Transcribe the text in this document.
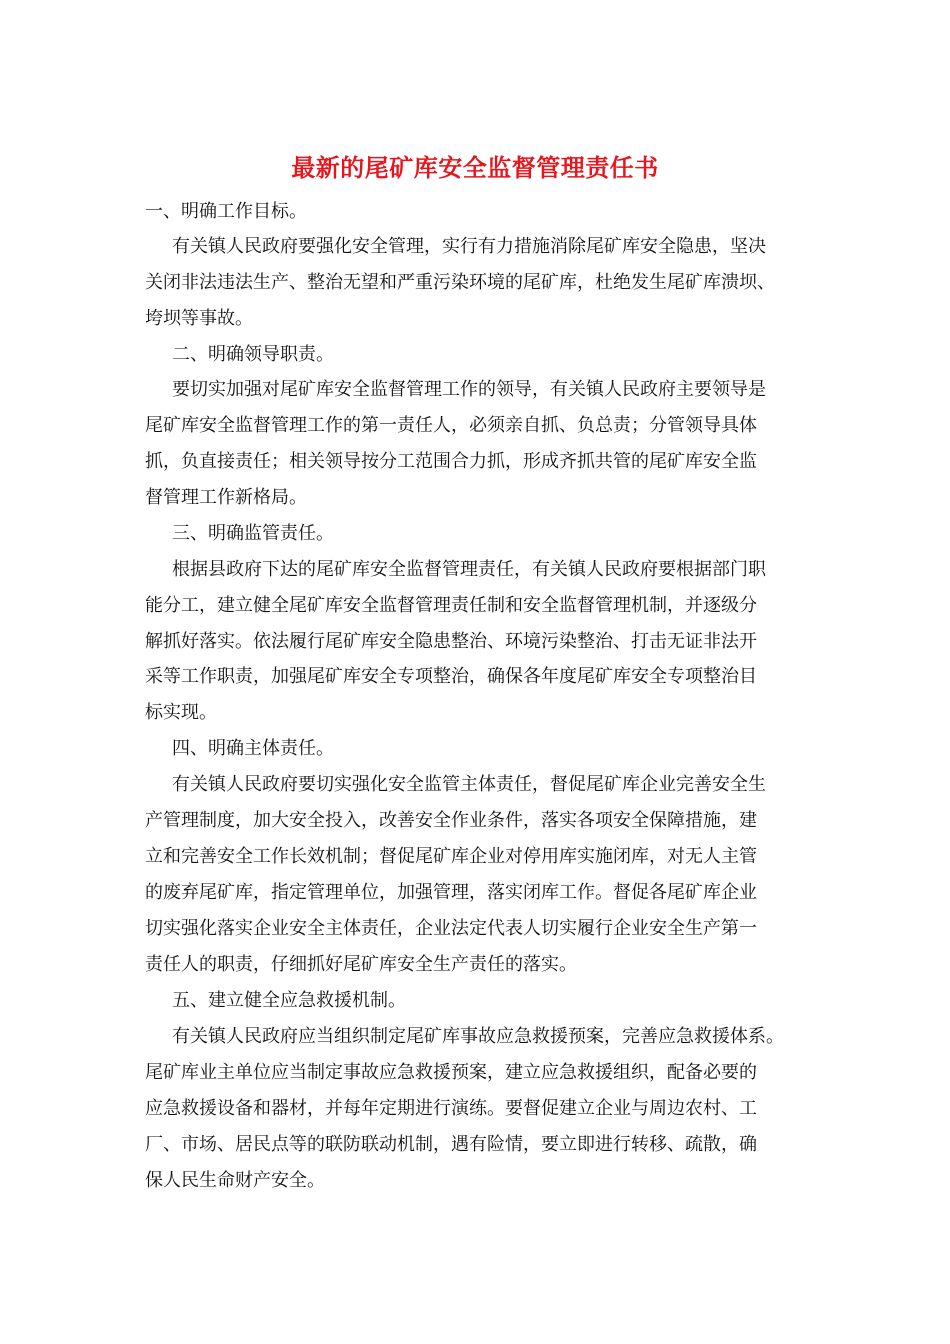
最新的尾矿库安全监督管理责任书

一、明确工作目标。

有关镇人民政府要强化安全管理，实行有力措施消除尾矿库安全隐患，坚决

关闭非法违法生产、整治无望和严重污染环境的尾矿库，杜绝发生尾矿库溃坝、

垮坝等事故。

二、明确领导职责。

要切实加强对尾矿库安全监督管理工作的领导，有关镇人民政府主要领导是

尾矿库安全监督管理工作的第一责任人，必须亲自抓、负总责；分管领导具体

抓，负直接责任；相关领导按分工范围合力抓，形成齐抓共管的尾矿库安全监

督管理工作新格局。

三、明确监管责任。

根据县政府下达的尾矿库安全监督管理责任，有关镇人民政府要根据部门职

能分工，建立健全尾矿库安全监督管理责任制和安全监督管理机制，并逐级分

解抓好落实。依法履行尾矿库安全隐患整治、环境污染整治、打击无证非法开

采等工作职责，加强尾矿库安全专项整治，确保各年度尾矿库安全专项整治目

标实现。

四、明确主体责任。

有关镇人民政府要切实强化安全监管主体责任，督促尾矿库企业完善安全生

产管理制度，加大安全投入，改善安全作业条件，落实各项安全保障措施，建

立和完善安全工作长效机制；督促尾矿库企业对停用库实施闭库，对无人主管

的废弃尾矿库，指定管理单位，加强管理，落实闭库工作。督促各尾矿库企业

切实强化落实企业安全主体责任，企业法定代表人切实履行企业安全生产第一

责任人的职责，仔细抓好尾矿库安全生产责任的落实。

五、建立健全应急救援机制。

有关镇人民政府应当组织制定尾矿库事故应急救援预案，完善应急救援体系。

尾矿库业主单位应当制定事故应急救援预案，建立应急救援组织，配备必要的

应急救援设备和器材，并每年定期进行演练。要督促建立企业与周边农村、工

厂、市场、居民点等的联防联动机制，遇有险情，要立即进行转移、疏散，确

保人民生命财产安全。
